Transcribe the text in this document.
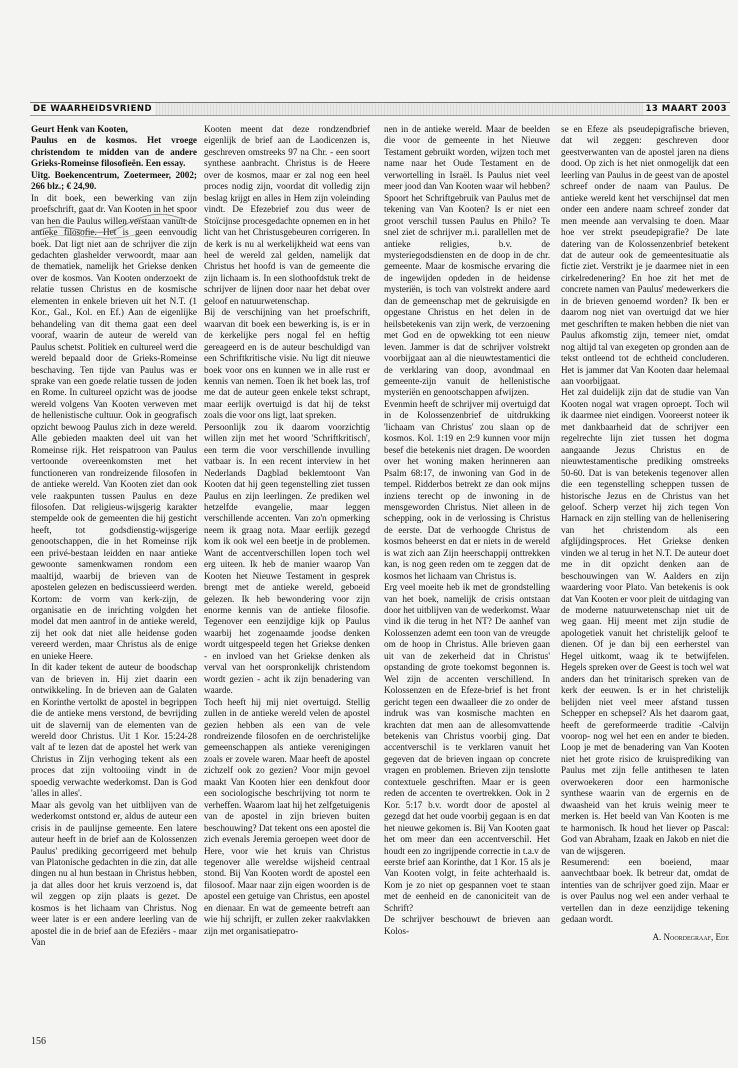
DE WAARHEIDSVRIEND	13 MAART 2003

Geurt Henk van Kooten,

Paulus en de kosmos. Het vroege christendom te midden van de andere Grieks-Romeinse filosofieën. Een essay.

Uitg. Boekencentrum, Zoetermeer, 2002; 266 blz.; € 24,90.

In dit boek, een bewerking van zijn proefschrift, gaat dr. Van Kooten in het spoor van hen die Paulus willen verstaan vanuit de antieke filosofie. Het is geen eenvoudig boek. Dat ligt niet aan de schrijver die zijn gedachten glashelder verwoordt, maar aan de thematiek, namelijk het Griekse denken over de kosmos. Van Kooten onderzoekt de relatie tussen Christus en de kosmische elementen in enkele brieven uit het N.T. (1 Kor., Gal., Kol. en Ef.) Aan de eigenlijke behandeling van dit thema gaat een deel vooraf, waarin de auteur de wereld van Paulus schetst. Politiek en cultureel werd die wereld bepaald door de Grieks-Romeinse beschaving. Ten tijde van Paulus was er sprake van een goede relatie tussen de joden en Rome. In cultureel opzicht was de joodse wereld volgens Van Kooten verweven met de hellenistische cultuur. Ook in geografisch opzicht bewoog Paulus zich in deze wereld. Alle gebieden maakten deel uit van het Romeinse rijk. Het reispatroon van Paulus vertoonde overeenkomsten met het functioneren van rondreizende filosofen in de antieke wereld. Van Kooten ziet dan ook vele raakpunten tussen Paulus en deze filosofen. Dat religieus-wijsgerig karakter stempelde ook de gemeenten die hij gesticht heeft, tot godsdienstig-wijsgerige genootschappen, die in het Romeinse rijk een privé-bestaan leidden en naar antieke gewoonte samenkwamen rondom een maaltijd, waarbij de brieven van de apostelen gelezen en bediscussieerd werden. Kortom: de vorm van kerk-zijn, de organisatie en de inrichting volgden het model dat men aantrof in de antieke wereld, zij het ook dat niet alle heidense goden vereerd werden, maar Christus als de enige en unieke Heere.

In dit kader tekent de auteur de boodschap van de brieven in. Hij ziet daarin een ontwikkeling. In de brieven aan de Galaten en Korinthe vertolkt de apostel in begrippen die de antieke mens verstond, de bevrijding uit de slavernij van de elementen van de wereld door Christus. Uit 1 Kor. 15:24-28 valt af te lezen dat de apostel het werk van Christus in Zijn verhoging tekent als een proces dat zijn voltooiing vindt in de spoedig verwachte wederkomst. Dan is God 'alles in alles'.

Maar als gevolg van het uitblijven van de wederkomst ontstond er, aldus de auteur een crisis in de paulijnse gemeente. Een latere auteur heeft in de brief aan de Kolossenzen Paulus' prediking gecorrigeerd met behulp van Platonische gedachten in die zin, dat alle dingen nu al hun bestaan in Christus hebben, ja dat alles door het kruis verzoend is, dat wil zeggen op zijn plaats is gezet. De kosmos is het lichaam van Christus. Nog weer later is er een andere leerling van de apostel die in de brief aan de Efeziërs - maar Van

Kooten meent dat deze rondzendbrief eigenlijk de brief aan de Laodicenzen is, geschreven omstreeks 97 na Chr. - een soort synthese aanbracht. Christus is de Heere over de kosmos, maar er zal nog een heel proces nodig zijn, voordat dit volledig zijn beslag krijgt en alles in Hem zijn voleinding vindt. De Efezebrief zou dus weer de Stoïcijnse procesgedachte opnemen en in het licht van het Christusgebeuren corrigeren. In de kerk is nu al werkelijkheid wat eens van heel de wereld zal gelden, namelijk dat Christus het hoofd is van de gemeente die zijn lichaam is. In een slothoofdstuk trekt de schrijver de lijnen door naar het debat over geloof en natuurwetenschap.

Bij de verschijning van het proefschrift, waarvan dit boek een bewerking is, is er in de kerkelijke pers nogal fel en heftig gereageerd en is de auteur beschuldigd van een Schriftkritische visie. Nu ligt dit nieuwe boek voor ons en kunnen we in alle rust er kennis van nemen. Toen ik het boek las, trof me dat de auteur geen enkele tekst schrapt, maar eerlijk overtuigd is dat hij de tekst zoals die voor ons ligt, laat spreken.

Persoonlijk zou ik daarom voorzichtig willen zijn met het woord 'Schriftkritisch', een term die voor verschillende invulling vatbaar is. In een recent interview in het Nederlands Dagblad beklemtoont Van Kooten dat hij geen tegenstelling ziet tussen Paulus en zijn leerlingen. Ze prediken wel hetzelfde evangelie, maar leggen verschillende accenten. Van zo'n opmerking neem ik graag nota. Maar eerlijk gezegd kom ik ook wel een beetje in de problemen. Want de accentverschillen lopen toch wel erg uiteen. Ik heb de manier waarop Van Kooten het Nieuwe Testament in gesprek brengt met de antieke wereld, geboeid gelezen. Ik heb bewondering voor zijn enorme kennis van de antieke filosofie. Tegenover een eenzijdige kijk op Paulus waarbij het zogenaamde joodse denken wordt uitgespeeld tegen het Griekse denken - en invloed van het Griekse denken als verval van het oorspronkelijk christendom wordt gezien - acht ik zijn benadering van waarde.

Toch heeft hij mij niet overtuigd. Stellig zullen in de antieke wereld velen de apostel gezien hebben als een van de vele rondreizende filosofen en de oerchristelijke gemeenschappen als antieke verenigingen zoals er zovele waren. Maar heeft de apostel zichzelf ook zo gezien? Voor mijn gevoel maakt Van Kooten hier een denkfout door een sociologische beschrijving tot norm te verheffen. Waarom laat hij het zelfgetuigenis van de apostel in zijn brieven buiten beschouwing? Dat tekent ons een apostel die zich evenals Jeremia geroepen weet door de Here, voor wie het kruis van Christus tegenover alle wereldse wijsheid centraal stond. Bij Van Kooten wordt de apostel een filosoof. Maar naar zijn eigen woorden is de apostel een getuige van Christus, een apostel en dienaar. En wat de gemeente betreft aan wie hij schrijft, er zullen zeker raakvlakken zijn met organisatiepatro-

nen in de antieke wereld. Maar de beelden die voor de gemeente in het Nieuwe Testament gebruikt worden, wijzen toch met name naar het Oude Testament en de verwortelling in Israël. Is Paulus niet veel meer jood dan Van Kooten waar wil hebben? Spoort het Schriftgebruik van Paulus met de tekening van Van Kooten? Is er niet een groot verschil tussen Paulus en Philo? Te snel ziet de schrijver m.i. parallellen met de antieke religies, b.v. de mysteriegodsdiensten en de doop in de chr. gemeente. Maar de kosmische ervaring die de ingewijden opdeden in de heidense mysteriën, is toch van volstrekt andere aard dan de gemeenschap met de gekruisigde en opgestane Christus en het delen in de heilsbetekenis van zijn werk, de verzoening met God en de opwekking tot een nieuw leven. Jammer is dat de schrijver volstrekt voorbijgaat aan al die nieuwtestamentici die de verklaring van doop, avondmaal en gemeente-zijn vanuit de hellenistische mysteriën en genootschappen afwijzen.

Evenmin heeft de schrijver mij overtuigd dat in de Kolossenzenbrief de uitdrukking 'lichaam van Christus' zou slaan op de kosmos. Kol. 1:19 en 2:9 kunnen voor mijn besef die betekenis niet dragen. De woorden over het woning maken herinneren aan Psalm 68:17, de inwoning van God in de tempel. Ridderbos betrekt ze dan ook mijns inziens terecht op de inwoning in de mensgeworden Christus. Niet alleen in de schepping, ook in de verlossing is Christus de eerste. Dat de verhoogde Christus de kosmos beheerst en dat er niets in de wereld is wat zich aan Zijn heerschappij onttrekken kan, is nog geen reden om te zeggen dat de kosmos het lichaam van Christus is.

Erg veel moeite heb ik met de grondstelling van het boek, namelijk de crisis ontstaan door het uitblijven van de wederkomst. Waar vind ik die terug in het NT? De aanhef van Kolossenzen ademt een toon van de vreugde om de hoop in Christus. Alle brieven gaan uit van de zekerheid dat in Christus' opstanding de grote toekomst begonnen is. Wel zijn de accenten verschillend. In Kolossenzen en de Efeze-brief is het front gericht tegen een dwaalleer die zo onder de indruk was van kosmische machten en krachten dat men aan de allesomvattende betekenis van Christus voorbij ging. Dat accentverschil is te verklaren vanuit het gegeven dat de brieven ingaan op concrete vragen en problemen. Brieven zijn tenslotte contextuele geschriften. Maar er is geen reden de accenten te overtrekken. Ook in 2 Kor. 5:17 b.v. wordt door de apostel al gezegd dat het oude voorbij gegaan is en dat het nieuwe gekomen is. Bij Van Kooten gaat het om meer dan een accentverschil. Het houdt een zo ingrijpende correctie in t.a.v de eerste brief aan Korinthe, dat 1 Kor. 15 als je Van Kooten volgt, in feite achterhaald is. Kom je zo niet op gespannen voet te staan met de eenheid en de canoniciteit van de Schrift?

De schrijver beschouwt de brieven aan Kolos-

se en Efeze als pseudepigrafische brieven, dat wil zeggen: geschreven door geestverwanten van de apostel jaren na diens dood. Op zich is het niet onmogelijk dat een leerling van Paulus in de geest van de apostel schreef onder de naam van Paulus. De antieke wereld kent het verschijnsel dat men onder een andere naam schreef zonder dat men meende aan vervalsing te doen. Maar hoe ver strekt pseudepigrafie? De late datering van de Kolossenzenbrief betekent dat de auteur ook de gemeentesituatie als fictie ziet. Verstrikt je je daarmee niet in een cirkelredenering? En hoe zit het met de concrete namen van Paulus' medewerkers die in de brieven genoemd worden? Ik ben er daarom nog niet van overtuigd dat we hier met geschriften te maken hebben die niet van Paulus afkomstig zijn, temeer niet, omdat nog altijd tal van exegeten op gronden aan de tekst ontleend tot de echtheid concluderen. Het is jammer dat Van Kooten daar helemaal aan voorbijgaat.

Het zal duidelijk zijn dat de studie van Van Kooten nogal wat vragen oproept. Toch wil ik daarmee niet eindigen. Vooreerst noteer ik met dankbaarheid dat de schrijver een regelrechte lijn ziet tussen het dogma aangaande Jezus Christus en de nieuwtestamentische prediking omstreeks 50-60. Dat is van betekenis tegenover allen die een tegenstelling scheppen tussen de historische Jezus en de Christus van het geloof. Scherp verzet hij zich tegen Von Harnack en zijn stelling van de hellenisering van het christendom als een afglijdingsproces. Het Griekse denken vinden we al terug in het N.T. De auteur doet me in dit opzicht denken aan de beschouwingen van W. Aalders en zijn waardering voor Plato. Van betekenis is ook dat Van Kooten er voor pleit de uitdaging van de moderne natuurwetenschap niet uit de weg gaan. Hij meent met zijn studie de apologetiek vanuit het christelijk geloof te dienen. Of je dan bij een eerherstel van Hegel uitkomt, waag ik te betwijfelen. Hegels spreken over de Geest is toch wel wat anders dan het trinitarisch spreken van de kerk der eeuwen. Is er in het christelijk belijden niet veel meer afstand tussen Schepper en schepsel? Als het daarom gaat, heeft de gereformeerde traditie -Calvijn voorop- nog wel het een en ander te bieden. Loop je met de benadering van Van Kooten niet het grote risico de kruisprediking van Paulus met zijn felle antithesen te laten overwoekeren door een harmonische synthese waarin van de ergernis en de dwaasheid van het kruis weinig meer te merken is. Het beeld van Van Kooten is me te harmonisch. Ik houd het liever op Pascal: God van Abraham, Izaak en Jakob en niet die van de wijsgeren.

Resumerend: een boeiend, maar aanvechtbaar boek. Ik betreur dat, omdat de intenties van de schrijver goed zijn. Maar er is over Paulus nog wel een ander verhaal te vertellen dan in deze eenzijdige tekening gedaan wordt.

A. Noordegraaf, Ede

156
